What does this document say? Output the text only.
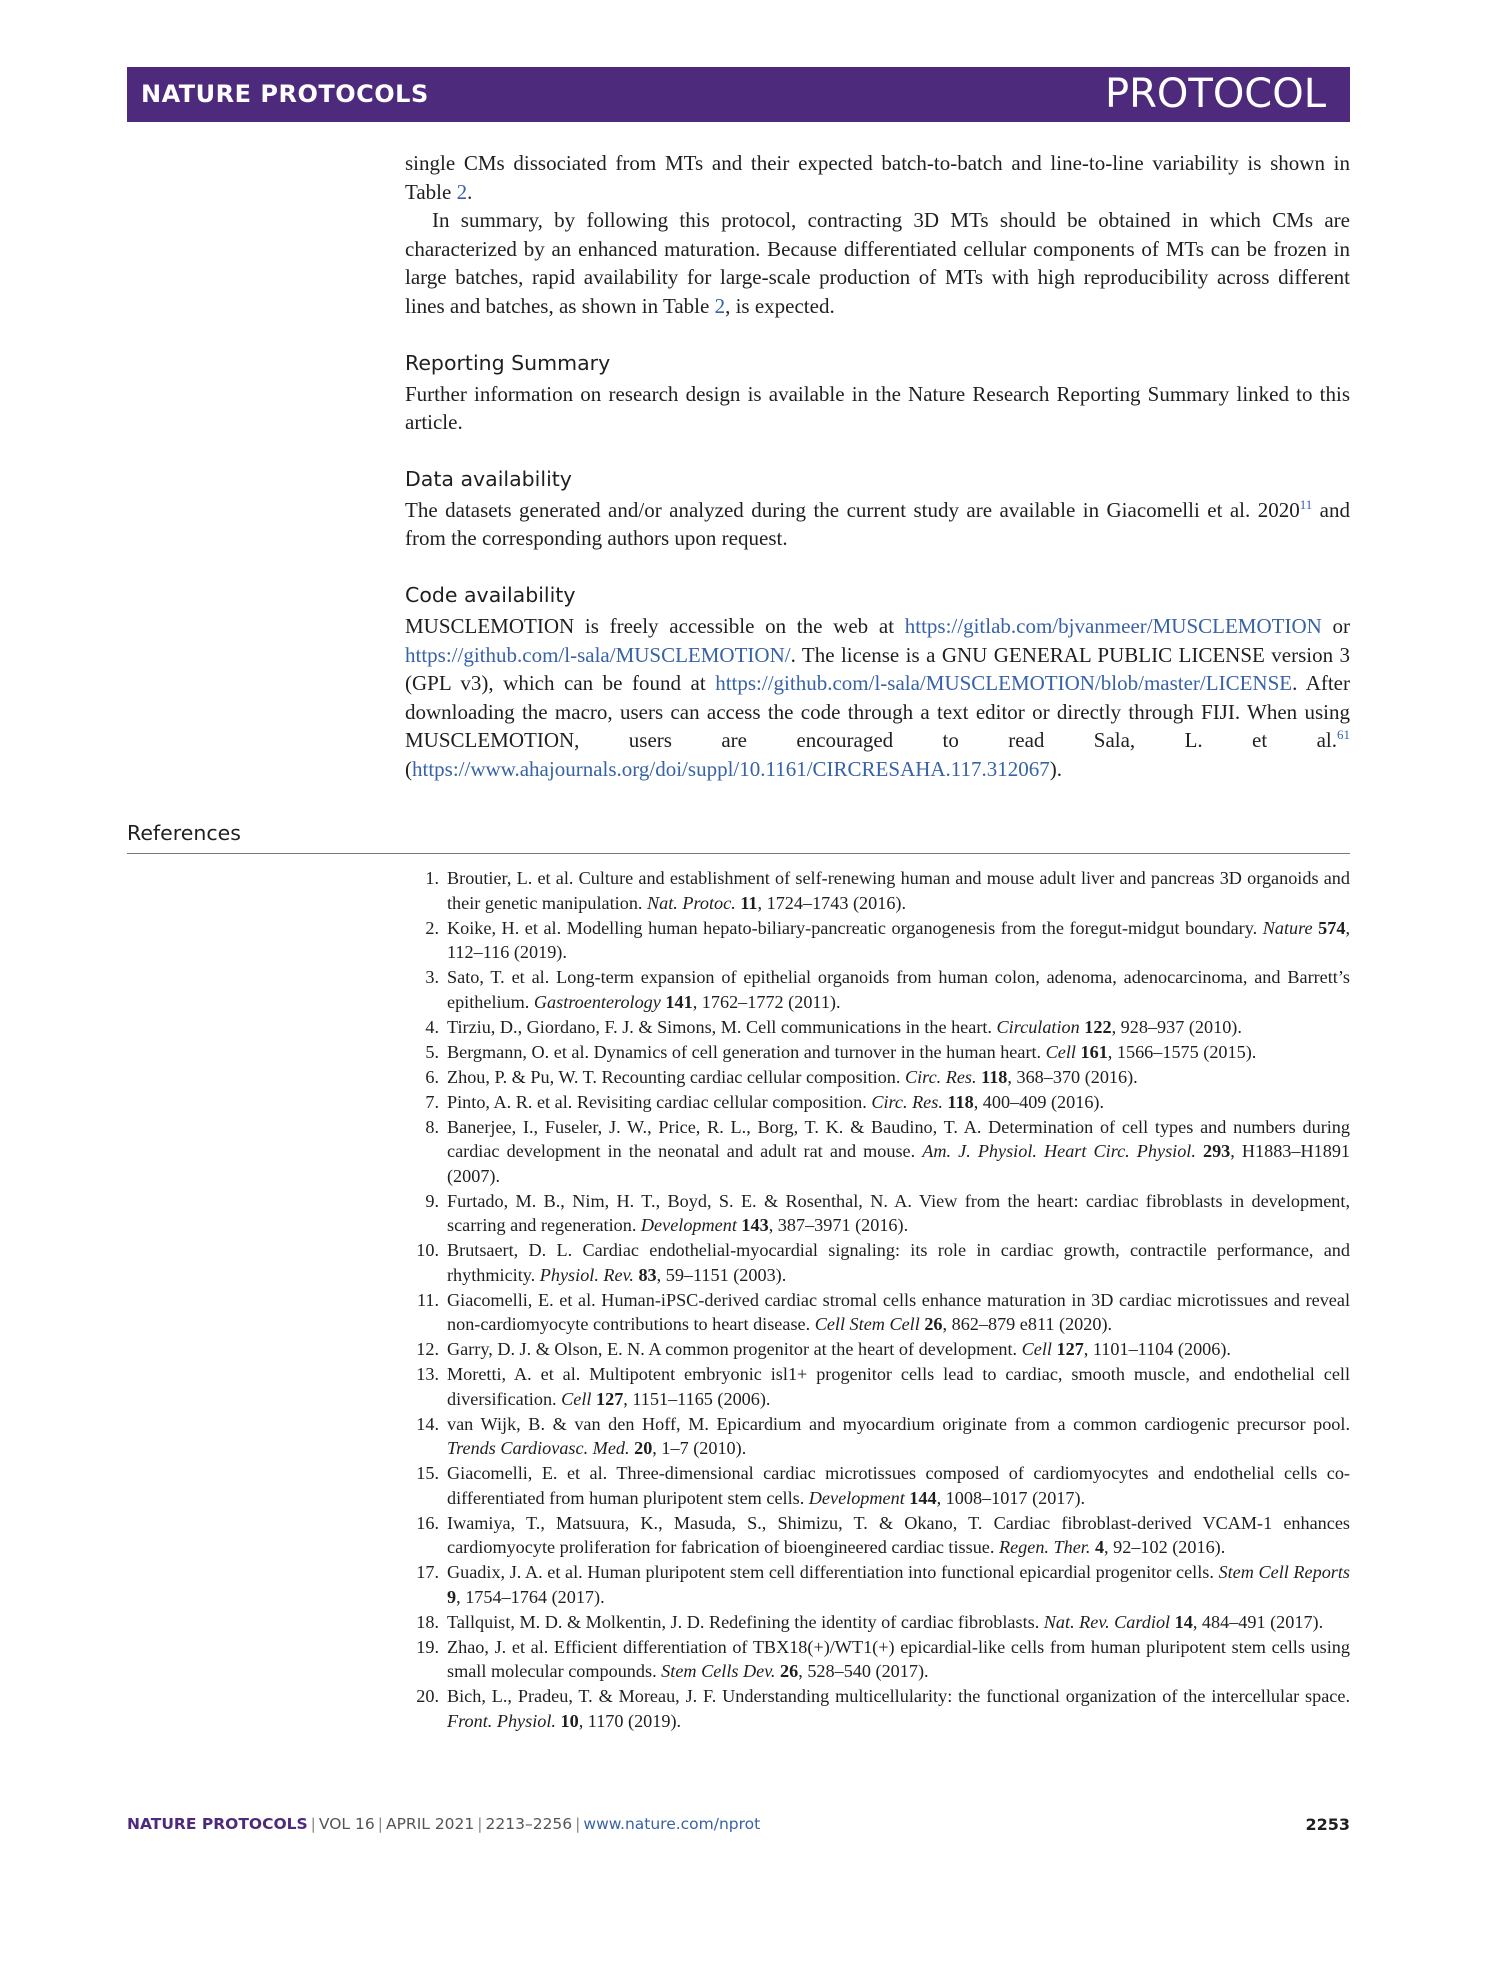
NATURE PROTOCOLS	PROTOCOL

single CMs dissociated from MTs and their expected batch-to-batch and line-to-line variability is shown in Table 2.

In summary, by following this protocol, contracting 3D MTs should be obtained in which CMs are characterized by an enhanced maturation. Because differentiated cellular components of MTs can be frozen in large batches, rapid availability for large-scale production of MTs with high reproducibility across different lines and batches, as shown in Table 2, is expected.

Reporting Summary

Further information on research design is available in the Nature Research Reporting Summary linked to this article.

Data availability

The datasets generated and/or analyzed during the current study are available in Giacomelli et al. 2020$^{11}$ and from the corresponding authors upon request.

Code availability

MUSCLEMOTION is freely accessible on the web at https://gitlab.com/bjvanmeer/MUSCLEMOTION or https://github.com/l-sala/MUSCLEMOTION/. The license is a GNU GENERAL PUBLIC LICENSE version 3 (GPL v3), which can be found at https://github.com/l-sala/MUSCLEMOTION/blob/master/LICENSE. After downloading the macro, users can access the code through a text editor or directly through FIJI. When using MUSCLEMOTION, users are encouraged to read Sala, L. et al.$^{61}$ (https://www.ahajournals.org/doi/suppl/10.1161/CIRCRESAHA.117.312067).

References
1. Broutier, L. et al. Culture and establishment of self-renewing human and mouse adult liver and pancreas 3D organoids and their genetic manipulation. Nat. Protoc. 11, 1724–1743 (2016).
2. Koike, H. et al. Modelling human hepato-biliary-pancreatic organogenesis from the foregut-midgut boundary. Nature 574, 112–116 (2019).
3. Sato, T. et al. Long-term expansion of epithelial organoids from human colon, adenoma, adenocarcinoma, and Barrett’s epithelium. Gastroenterology 141, 1762–1772 (2011).
4. Tirziu, D., Giordano, F. J. & Simons, M. Cell communications in the heart. Circulation 122, 928–937 (2010).
5. Bergmann, O. et al. Dynamics of cell generation and turnover in the human heart. Cell 161, 1566–1575 (2015).
6. Zhou, P. & Pu, W. T. Recounting cardiac cellular composition. Circ. Res. 118, 368–370 (2016).
7. Pinto, A. R. et al. Revisiting cardiac cellular composition. Circ. Res. 118, 400–409 (2016).
8. Banerjee, I., Fuseler, J. W., Price, R. L., Borg, T. K. & Baudino, T. A. Determination of cell types and numbers during cardiac development in the neonatal and adult rat and mouse. Am. J. Physiol. Heart Circ. Physiol. 293, H1883–H1891 (2007).
9. Furtado, M. B., Nim, H. T., Boyd, S. E. & Rosenthal, N. A. View from the heart: cardiac fibroblasts in development, scarring and regeneration. Development 143, 387–3971 (2016).
10. Brutsaert, D. L. Cardiac endothelial-myocardial signaling: its role in cardiac growth, contractile performance, and rhythmicity. Physiol. Rev. 83, 59–1151 (2003).
11. Giacomelli, E. et al. Human-iPSC-derived cardiac stromal cells enhance maturation in 3D cardiac microtissues and reveal non-cardiomyocyte contributions to heart disease. Cell Stem Cell 26, 862–879 e811 (2020).
12. Garry, D. J. & Olson, E. N. A common progenitor at the heart of development. Cell 127, 1101–1104 (2006).
13. Moretti, A. et al. Multipotent embryonic isl1+ progenitor cells lead to cardiac, smooth muscle, and endothelial cell diversification. Cell 127, 1151–1165 (2006).
14. van Wijk, B. & van den Hoff, M. Epicardium and myocardium originate from a common cardiogenic precursor pool. Trends Cardiovasc. Med. 20, 1–7 (2010).
15. Giacomelli, E. et al. Three-dimensional cardiac microtissues composed of cardiomyocytes and endothelial cells co-differentiated from human pluripotent stem cells. Development 144, 1008–1017 (2017).
16. Iwamiya, T., Matsuura, K., Masuda, S., Shimizu, T. & Okano, T. Cardiac fibroblast-derived VCAM-1 enhances cardiomyocyte proliferation for fabrication of bioengineered cardiac tissue. Regen. Ther. 4, 92–102 (2016).
17. Guadix, J. A. et al. Human pluripotent stem cell differentiation into functional epicardial progenitor cells. Stem Cell Reports 9, 1754–1764 (2017).
18. Tallquist, M. D. & Molkentin, J. D. Redefining the identity of cardiac fibroblasts. Nat. Rev. Cardiol 14, 484–491 (2017).
19. Zhao, J. et al. Efficient differentiation of TBX18(+)/WT1(+) epicardial-like cells from human pluripotent stem cells using small molecular compounds. Stem Cells Dev. 26, 528–540 (2017).
20. Bich, L., Pradeu, T. & Moreau, J. F. Understanding multicellularity: the functional organization of the intercellular space. Front. Physiol. 10, 1170 (2019).
NATURE PROTOCOLS | VOL 16 | APRIL 2021 | 2213–2256 | www.nature.com/nprot	2253
